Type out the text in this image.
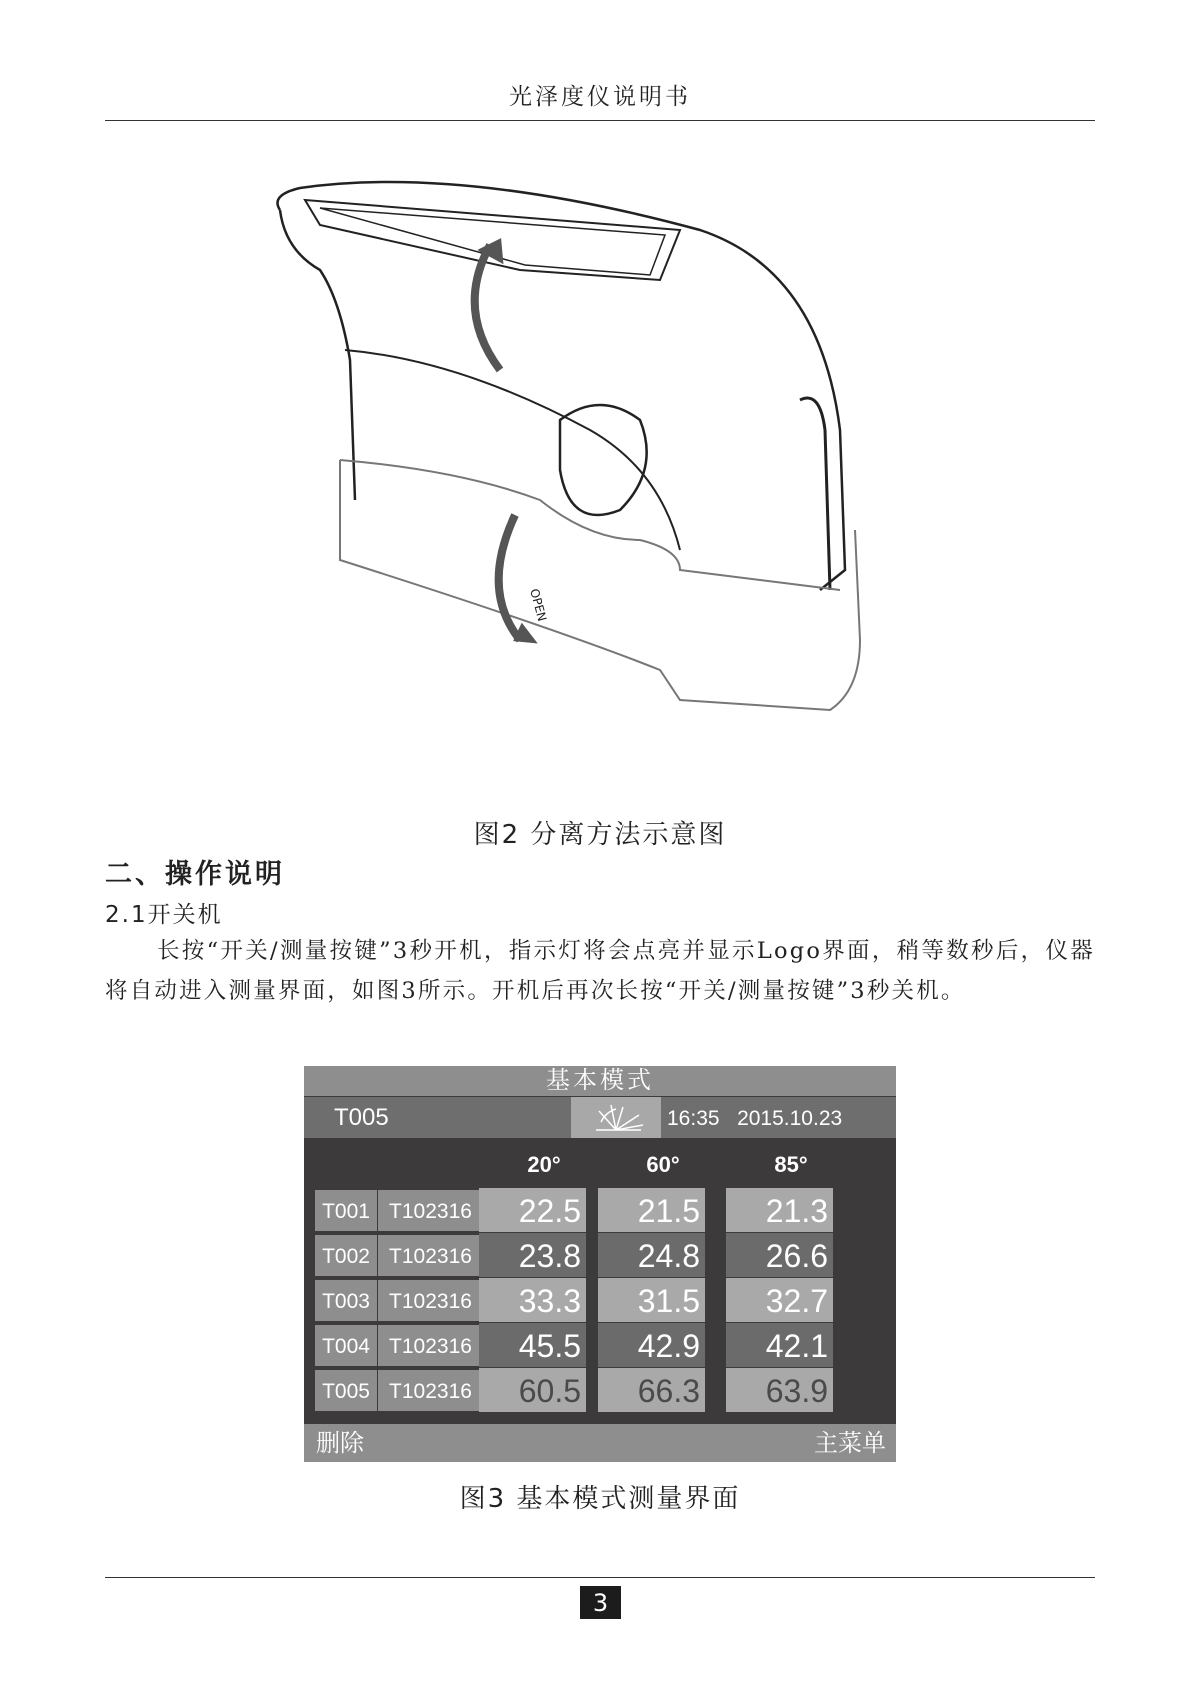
光泽度仪说明书
OPEN
图2 分离方法示意图
二、操作说明
2.1开关机
长按“开关/测量按键”3秒开机，指示灯将会点亮并显示Logo界面，稍等数秒后，仪器将自动进入测量界面，如图3所示。开机后再次长按“开关/测量按键”3秒关机。
基本模式
T005	16:35 2015.10.23
20°	60°	85°
T001 T102316	22.5	21.5	21.3
T002 T102316	23.8	24.8	26.6
T003 T102316	33.3	31.5	32.7
T004 T102316	45.5	42.9	42.1
T005 T102316	60.5	66.3	63.9
删除	主菜单
图3 基本模式测量界面
3
